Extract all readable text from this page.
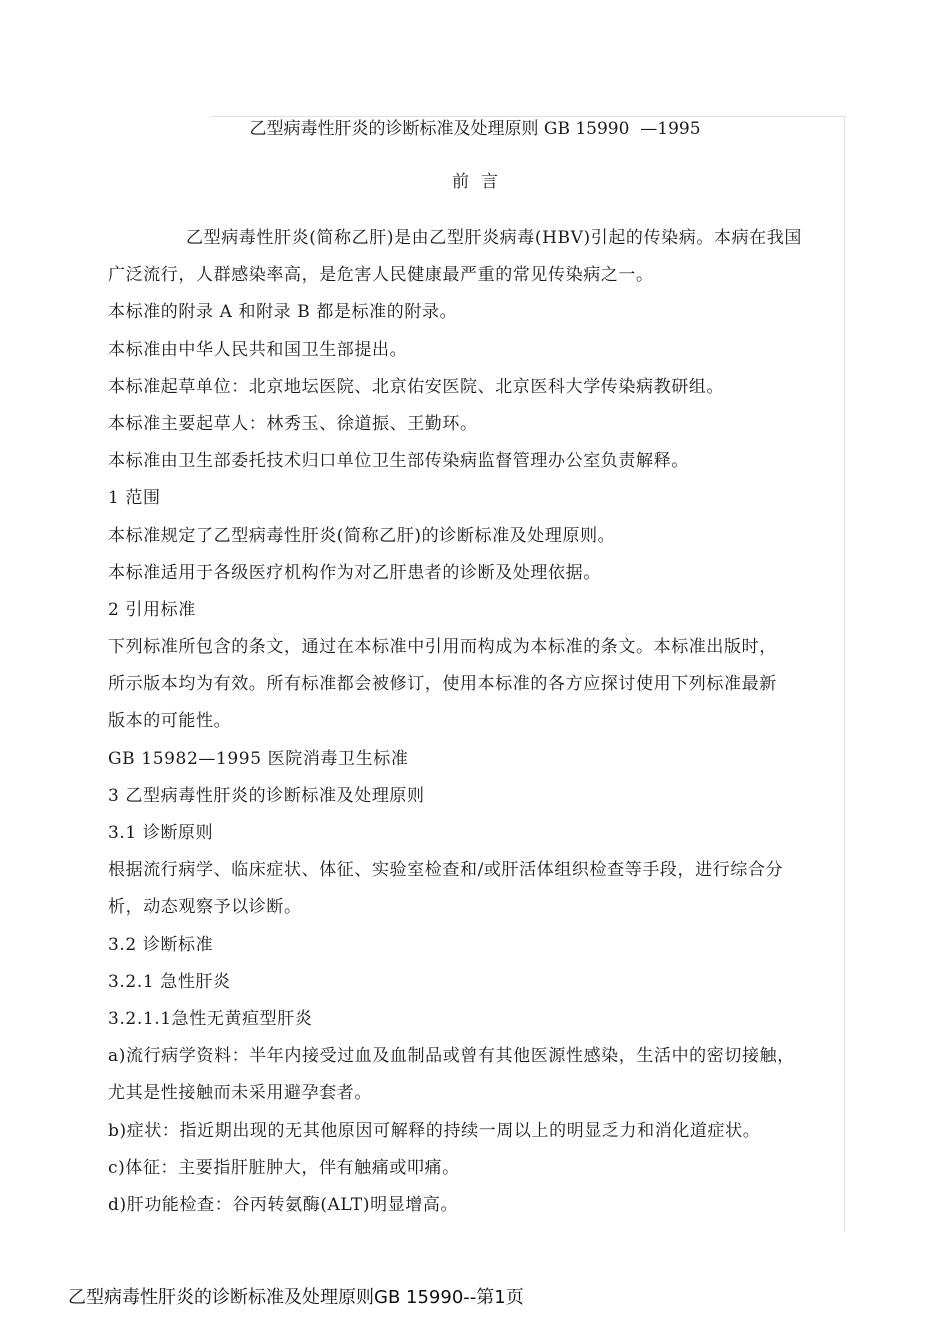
乙型病毒性肝炎的诊断标准及处理原则 GB 15990  —1995
前言
乙型病毒性肝炎(简称乙肝)是由乙型肝炎病毒(HBV)引起的传染病。本病在我国
广泛流行，人群感染率高，是危害人民健康最严重的常见传染病之一。
本标准的附录 A 和附录 B 都是标准的附录。
本标准由中华人民共和国卫生部提出。
本标准起草单位：北京地坛医院、北京佑安医院、北京医科大学传染病教研组。
本标准主要起草人：林秀玉、徐道振、王勤环。
本标准由卫生部委托技术归口单位卫生部传染病监督管理办公室负责解释。
1 范围
本标准规定了乙型病毒性肝炎(简称乙肝)的诊断标准及处理原则。
本标准适用于各级医疗机构作为对乙肝患者的诊断及处理依据。
2 引用标准
下列标准所包含的条文，通过在本标准中引用而构成为本标准的条文。本标准出版时，
所示版本均为有效。所有标准都会被修订，使用本标准的各方应探讨使用下列标准最新
版本的可能性。
GB 15982—1995 医院消毒卫生标准
3 乙型病毒性肝炎的诊断标准及处理原则
3.1 诊断原则
根据流行病学、临床症状、体征、实验室检查和/或肝活体组织检查等手段，进行综合分
析，动态观察予以诊断。
3.2 诊断标准
3.2.1 急性肝炎
3.2.1.1急性无黄疸型肝炎
a)流行病学资料：半年内接受过血及血制品或曾有其他医源性感染，生活中的密切接触，
尤其是性接触而未采用避孕套者。
b)症状：指近期出现的无其他原因可解释的持续一周以上的明显乏力和消化道症状。
c)体征：主要指肝脏肿大，伴有触痛或叩痛。
d)肝功能检查：谷丙转氨酶(ALT)明显增高。
乙型病毒性肝炎的诊断标准及处理原则GB 15990--第1页
